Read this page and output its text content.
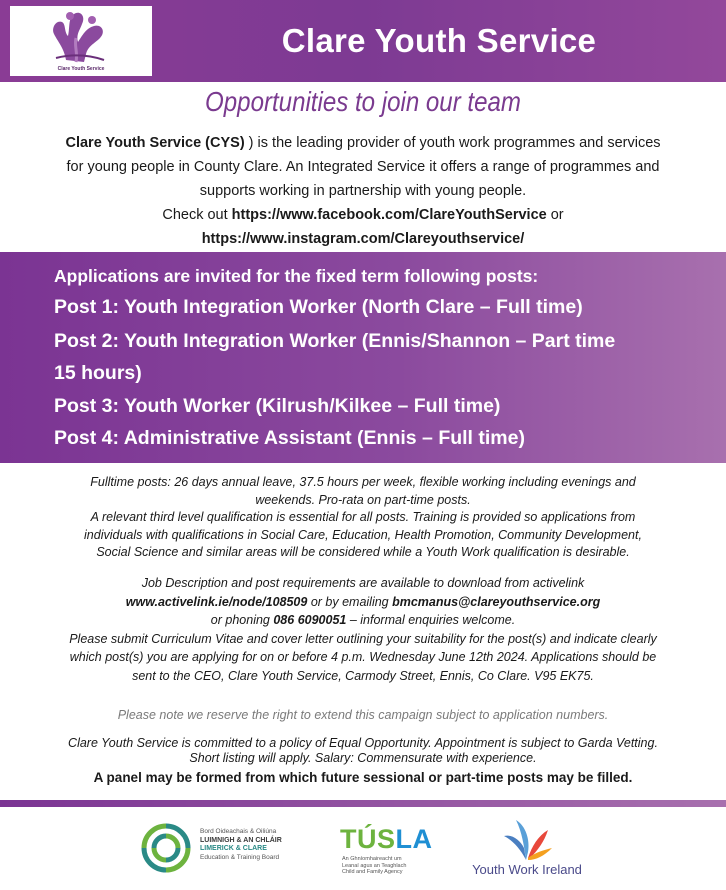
Clare Youth Service
Clare Youth Service
Opportunities to join our team
Clare Youth Service (CYS) ) is the leading provider of youth work programmes and services
for young people in County Clare. An Integrated Service it offers a range of programmes and
supports working in partnership with young people.
Check out https://www.facebook.com/ClareYouthService or
https://www.instagram.com/Clareyouthservice/
Applications are invited for the fixed term following posts:
Post 1: Youth Integration Worker (North Clare – Full time)
Post 2: Youth Integration Worker (Ennis/Shannon – Part time
15 hours)
Post 3: Youth Worker (Kilrush/Kilkee – Full time)
Post 4: Administrative Assistant (Ennis – Full time)
Fulltime posts: 26 days annual leave, 37.5 hours per week, flexible working including evenings and
weekends. Pro-rata on part-time posts.
A relevant third level qualification is essential for all posts. Training is provided so applications from
individuals with qualifications in Social Care, Education, Health Promotion, Community Development,
Social Science and similar areas will be considered while a Youth Work qualification is desirable.
Job Description and post requirements are available to download from activelink
www.activelink.ie/node/108509 or by emailing bmcmanus@clareyouthservice.org
or phoning 086 6090051 – informal enquiries welcome.
Please submit Curriculum Vitae and cover letter outlining your suitability for the post(s) and indicate clearly
which post(s) you are applying for on or before 4 p.m. Wednesday June 12th 2024. Applications should be
sent to the CEO, Clare Youth Service, Carmody Street, Ennis, Co Clare. V95 EK75.
Please note we reserve the right to extend this campaign subject to application numbers.
Clare Youth Service is committed to a policy of Equal Opportunity. Appointment is subject to Garda Vetting.
Short listing will apply. Salary: Commensurate with experience.
A panel may be formed from which future sessional or part-time posts may be filled.
Bord Oideachais & Oiliúna
LUIMNIGH & AN CHLÁIR
LIMERICK & CLARE
Education & Training Board
TÚSLA
An Ghníomhaireacht um
Leanaí agus an Teaghlach
Child and Family Agency	Youth Work Ireland
